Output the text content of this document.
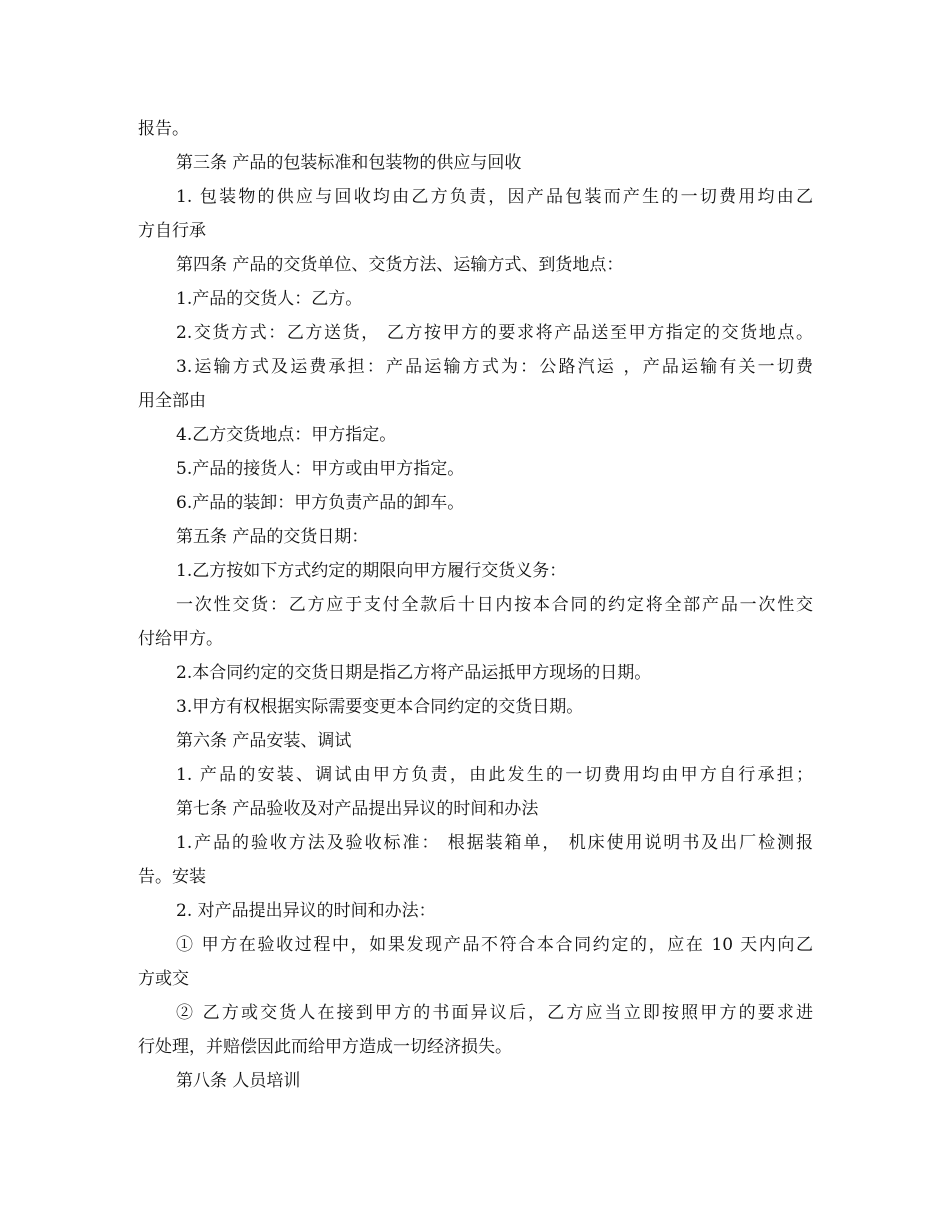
报告。

第三条 产品的包装标准和包装物的供应与回收

1. 包装物的供应与回收均由乙方负责，因产品包装而产生的一切费用均由乙

方自行承

第四条 产品的交货单位、交货方法、运输方式、到货地点：

1.产品的交货人：乙方。

2.交货方式：乙方送货， 乙方按甲方的要求将产品送至甲方指定的交货地点。

3.运输方式及运费承担：产品运输方式为：公路汽运 ，产品运输有关一切费

用全部由

4.乙方交货地点：甲方指定。

5.产品的接货人：甲方或由甲方指定。

6.产品的装卸：甲方负责产品的卸车。

第五条 产品的交货日期：

1.乙方按如下方式约定的期限向甲方履行交货义务：

一次性交货：乙方应于支付全款后十日内按本合同的约定将全部产品一次性交

付给甲方。

2.本合同约定的交货日期是指乙方将产品运抵甲方现场的日期。

3.甲方有权根据实际需要变更本合同约定的交货日期。

第六条 产品安装、调试

1. 产品的安装、调试由甲方负责，由此发生的一切费用均由甲方自行承担；

第七条 产品验收及对产品提出异议的时间和办法

1.产品的验收方法及验收标准： 根据装箱单， 机床使用说明书及出厂检测报

告。安装

2. 对产品提出异议的时间和办法：

① 甲方在验收过程中，如果发现产品不符合本合同约定的，应在 10 天内向乙

方或交

② 乙方或交货人在接到甲方的书面异议后，乙方应当立即按照甲方的要求进

行处理，并赔偿因此而给甲方造成一切经济损失。

第八条 人员培训
